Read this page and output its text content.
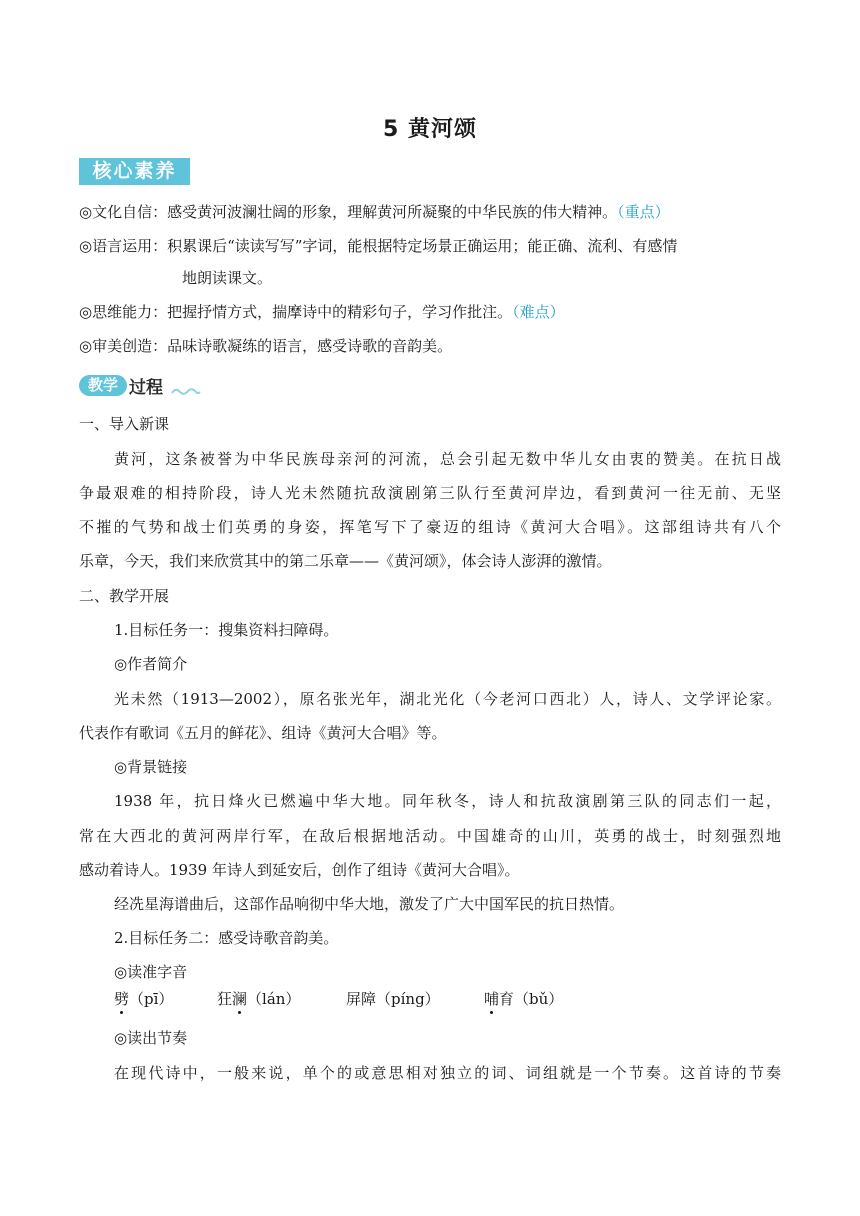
5 黄河颂
核心素养
◎文化自信：感受黄河波澜壮阔的形象，理解黄河所凝聚的中华民族的伟大精神。（重点）
◎语言运用：积累课后“读读写写”字词，能根据特定场景正确运用；能正确、流利、有感情
地朗读课文。
◎思维能力：把握抒情方式，揣摩诗中的精彩句子，学习作批注。（难点）
◎审美创造：品味诗歌凝练的语言，感受诗歌的音韵美。
教学 过程
一、导入新课
黄河，这条被誉为中华民族母亲河的河流，总会引起无数中华儿女由衷的赞美。在抗日战
争最艰难的相持阶段，诗人光未然随抗敌演剧第三队行至黄河岸边，看到黄河一往无前、无坚
不摧的气势和战士们英勇的身姿，挥笔写下了豪迈的组诗《黄河大合唱》。这部组诗共有八个
乐章，今天，我们来欣赏其中的第二乐章——《黄河颂》，体会诗人澎湃的激情。
二、教学开展
1.目标任务一：搜集资料扫障碍。
◎作者简介
光未然（1913—2002），原名张光年，湖北光化（今老河口西北）人，诗人、文学评论家。
代表作有歌词《五月的鲜花》、组诗《黄河大合唱》等。
◎背景链接
1938 年，抗日烽火已燃遍中华大地。同年秋冬，诗人和抗敌演剧第三队的同志们一起，
常在大西北的黄河两岸行军，在敌后根据地活动。中国雄奇的山川，英勇的战士，时刻强烈地
感动着诗人。1939 年诗人到延安后，创作了组诗《黄河大合唱》。
经冼星海谱曲后，这部作品响彻中华大地，激发了广大中国军民的抗日热情。
2.目标任务二：感受诗歌音韵美。
◎读准字音
劈（pī）	狂澜（lán）	屏障（píng）	哺育（bǔ）
◎读出节奏
在现代诗中，一般来说，单个的或意思相对独立的词、词组就是一个节奏。这首诗的节奏
